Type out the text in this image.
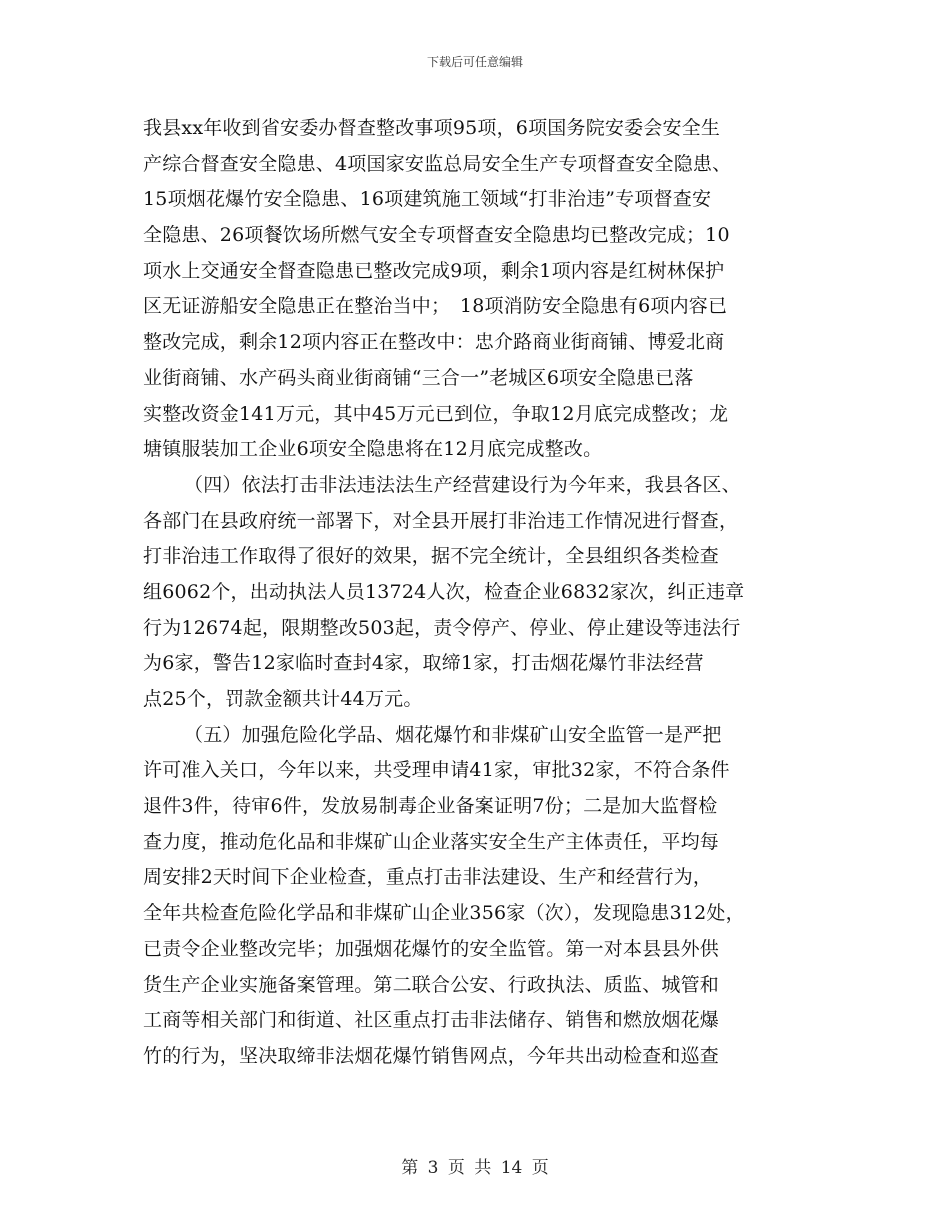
下载后可任意编辑
我县xx年收到省安委办督查整改事项95项，6项国务院安委会安全生
产综合督查安全隐患、4项国家安监总局安全生产专项督查安全隐患、
15项烟花爆竹安全隐患、16项建筑施工领域“打非治违”专项督查安
全隐患、26项餐饮场所燃气安全专项督查安全隐患均已整改完成；10
项水上交通安全督查隐患已整改完成9项，剩余1项内容是红树林保护
区无证游船安全隐患正在整治当中；　18项消防安全隐患有6项内容已
整改完成，剩余12项内容正在整改中：忠介路商业街商铺、博爱北商
业街商铺、水产码头商业街商铺“三合一”老城区6项安全隐患已落
实整改资金141万元，其中45万元已到位，争取12月底完成整改；龙
塘镇服装加工企业6项安全隐患将在12月底完成整改。
（四）依法打击非法违法法生产经营建设行为今年来，我县各区、
各部门在县政府统一部署下，对全县开展打非治违工作情况进行督查，
打非治违工作取得了很好的效果，据不完全统计，全县组织各类检查
组6062个，出动执法人员13724人次，检查企业6832家次，纠正违章
行为12674起，限期整改503起，责令停产、停业、停止建设等违法行
为6家，警告12家临时查封4家，取缔1家，打击烟花爆竹非法经营
点25个，罚款金额共计44万元。
（五）加强危险化学品、烟花爆竹和非煤矿山安全监管一是严把
许可准入关口，今年以来，共受理申请41家，审批32家，不符合条件
退件3件，待审6件，发放易制毒企业备案证明7份；二是加大监督检
查力度，推动危化品和非煤矿山企业落实安全生产主体责任，平均每
周安排2天时间下企业检查，重点打击非法建设、生产和经营行为，
全年共检查危险化学品和非煤矿山企业356家（次），发现隐患312处，
已责令企业整改完毕；加强烟花爆竹的安全监管。第一对本县县外供
货生产企业实施备案管理。第二联合公安、行政执法、质监、城管和
工商等相关部门和街道、社区重点打击非法储存、销售和燃放烟花爆
竹的行为，坚决取缔非法烟花爆竹销售网点，今年共出动检查和巡查
第 3 页 共 14 页
